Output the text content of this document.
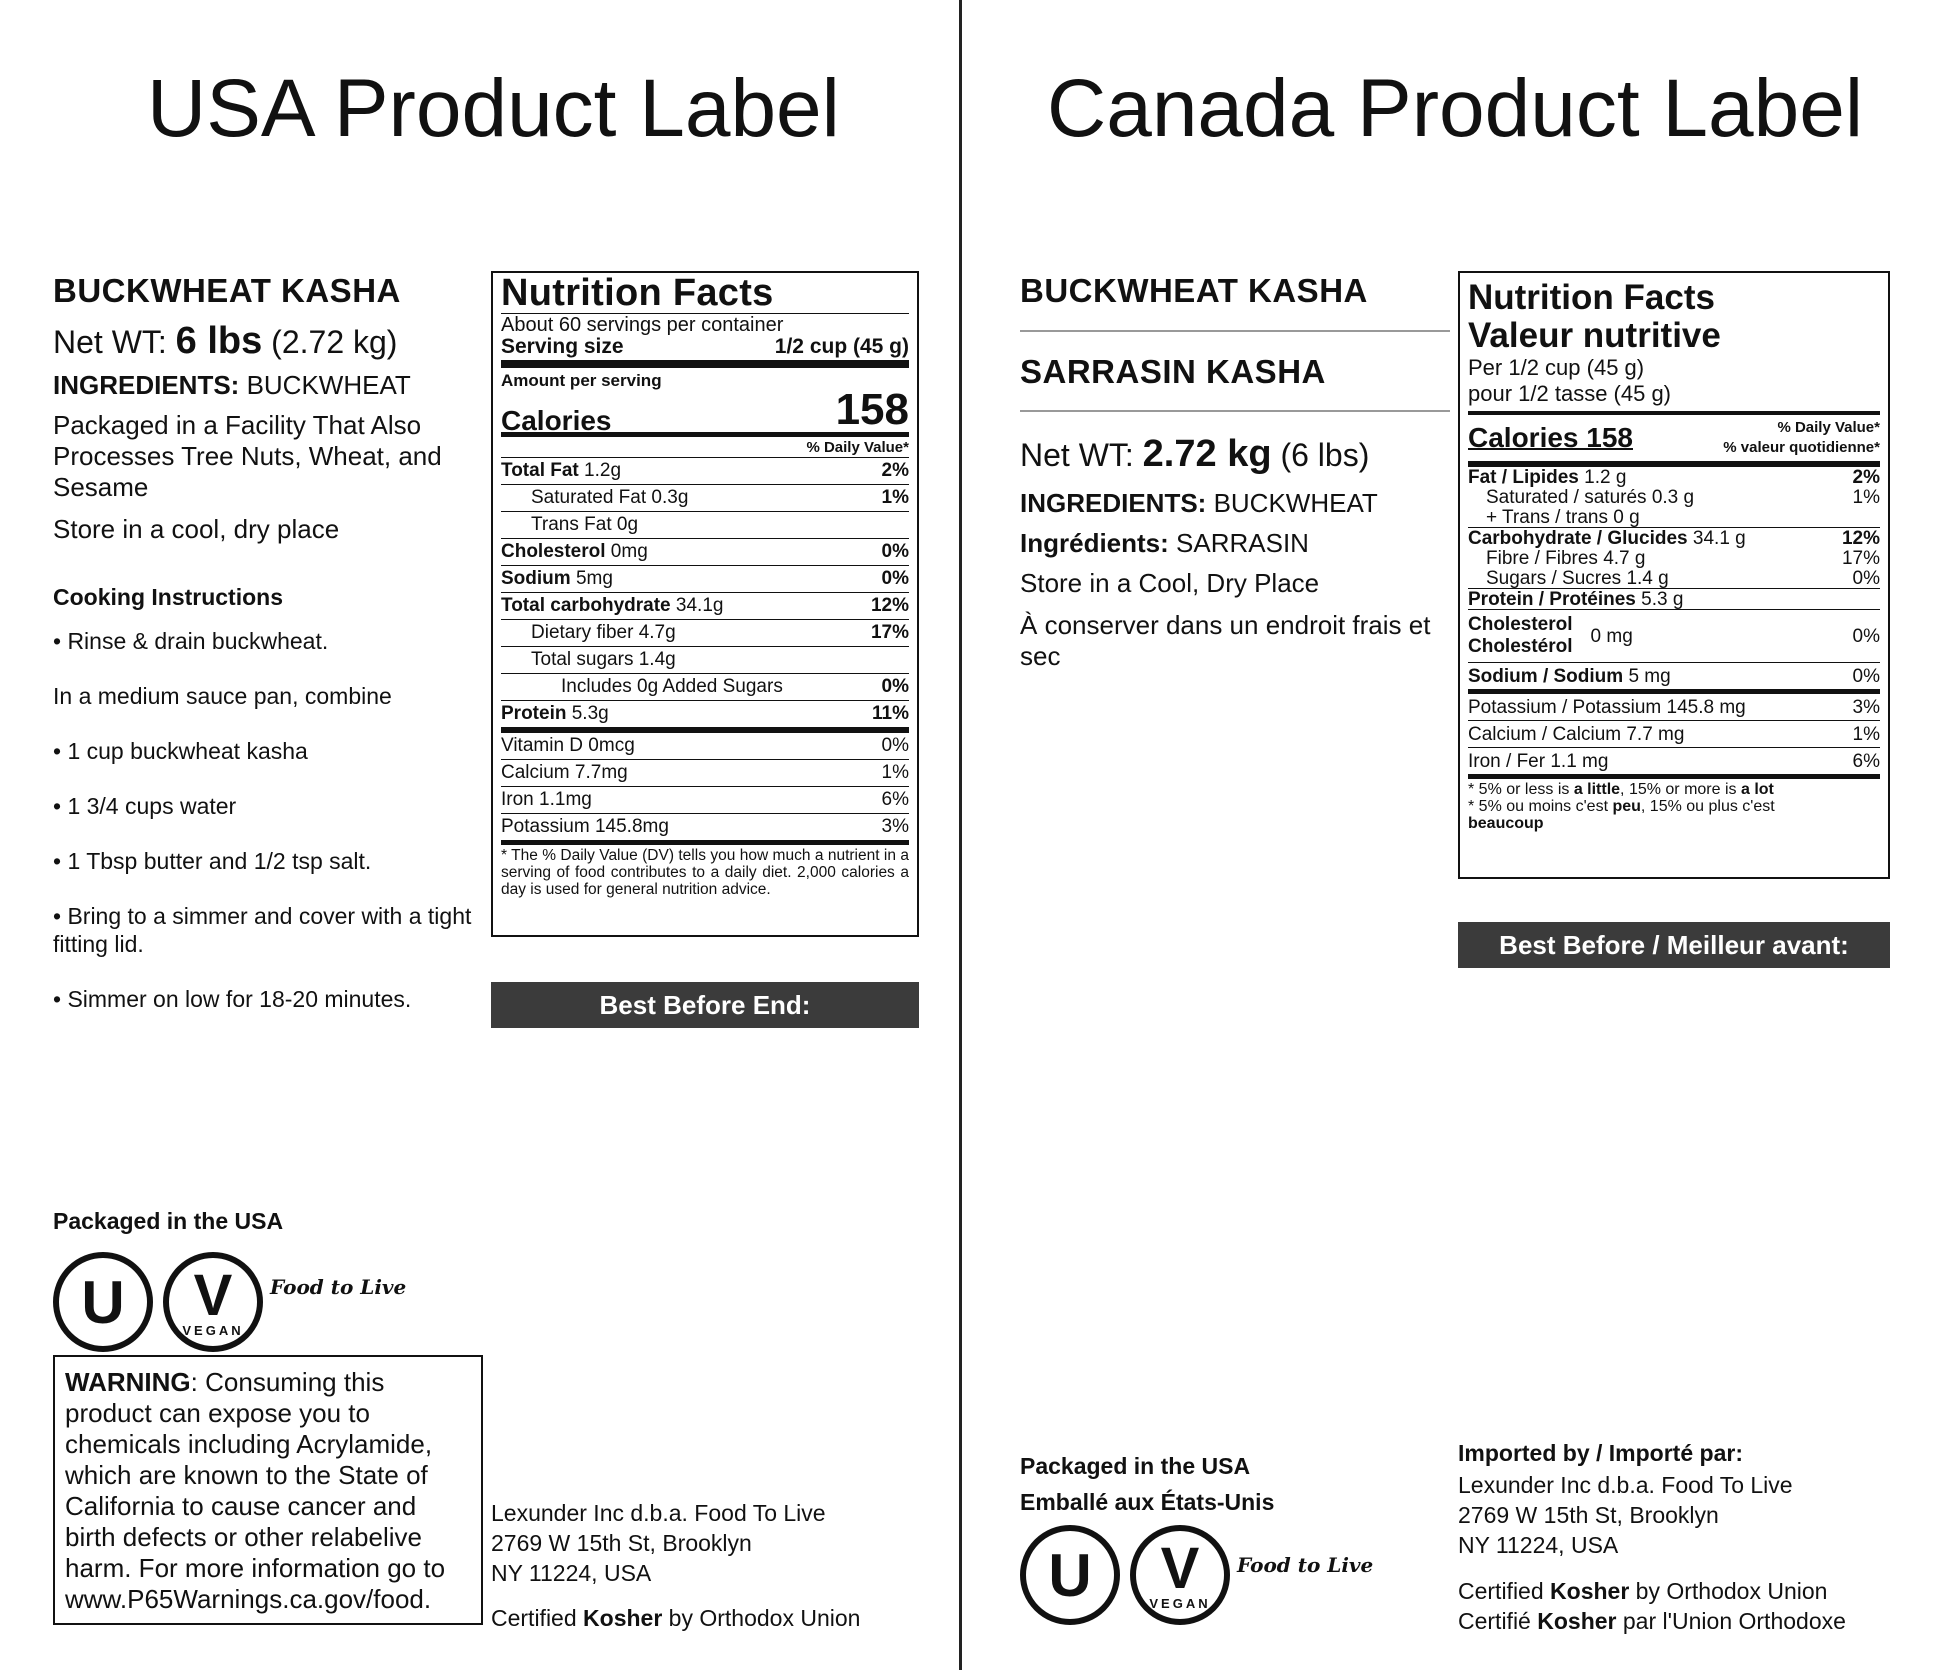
USA Product Label	Canada Product Label
BUCKWHEAT KASHA
Net WT: 6 lbs (2.72 kg)
INGREDIENTS: BUCKWHEAT
Packaged in a Facility That Also Processes Tree Nuts, Wheat, and Sesame
Store in a cool, dry place
Cooking Instructions
• Rinse & drain buckwheat.
In a medium sauce pan, combine
• 1 cup buckwheat kasha
• 1 3/4 cups water
• 1 Tbsp butter and 1/2 tsp salt.
• Bring to a simmer and cover with a tight fitting lid.
• Simmer on low for 18-20 minutes.
Nutrition Facts
About 60 servings per container
Serving size	1/2 cup (45 g)
Amount per serving
Calories	158
% Daily Value*
Total Fat 1.2g	2%
Saturated Fat 0.3g	1%
Trans Fat 0g
Cholesterol 0mg	0%
Sodium 5mg	0%
Total carbohydrate 34.1g	12%
Dietary fiber 4.7g	17%
Total sugars 1.4g
Includes 0g Added Sugars	0%
Protein 5.3g	11%
Vitamin D 0mcg	0%
Calcium 7.7mg	1%
Iron 1.1mg	6%
Potassium 145.8mg	3%
* The % Daily Value (DV) tells you how much a nutrient in a serving of food contributes to a daily diet. 2,000 calories a day is used for general nutrition advice.
Best Before End:
Packaged in the USA
U	V
VEGAN
Food to Live
WARNING: Consuming this product can expose you to chemicals including Acrylamide, which are known to the State of California to cause cancer and birth defects or other relabelive harm. For more information go to www.P65Warnings.ca.gov/food.
Lexunder Inc d.b.a. Food To Live
2769 W 15th St, Brooklyn
NY 11224, USA
Certified Kosher by Orthodox Union
BUCKWHEAT KASHA
SARRASIN KASHA
Net WT: 2.72 kg (6 lbs)
INGREDIENTS: BUCKWHEAT
Ingrédients: SARRASIN
Store in a Cool, Dry Place
À conserver dans un endroit frais et sec
Nutrition Facts
Valeur nutritive
Per 1/2 cup (45 g)
pour 1/2 tasse (45 g)
Calories 158	% Daily Value*
% valeur quotidienne*
Fat / Lipides 1.2 g	2%
Saturated / saturés 0.3 g	1%
+ Trans / trans 0 g
Carbohydrate / Glucides 34.1 g	12%
Fibre / Fibres 4.7 g	17%
Sugars / Sucres 1.4 g	0%
Protein / Protéines 5.3 g
Cholesterol
Cholestérol 0 mg	0%
Sodium / Sodium 5 mg	0%
Potassium / Potassium 145.8 mg	3%
Calcium / Calcium 7.7 mg	1%
Iron / Fer 1.1 mg	6%
* 5% or less is a little, 15% or more is a lot
* 5% ou moins c'est peu, 15% ou plus c'est
beaucoup
Best Before / Meilleur avant:
Packaged in the USA
Emballé aux États-Unis
U	V
VEGAN
Food to Live
Imported by / Importé par:
Lexunder Inc d.b.a. Food To Live
2769 W 15th St, Brooklyn
NY 11224, USA
Certified Kosher by Orthodox Union
Certifié Kosher par l'Union Orthodoxe
